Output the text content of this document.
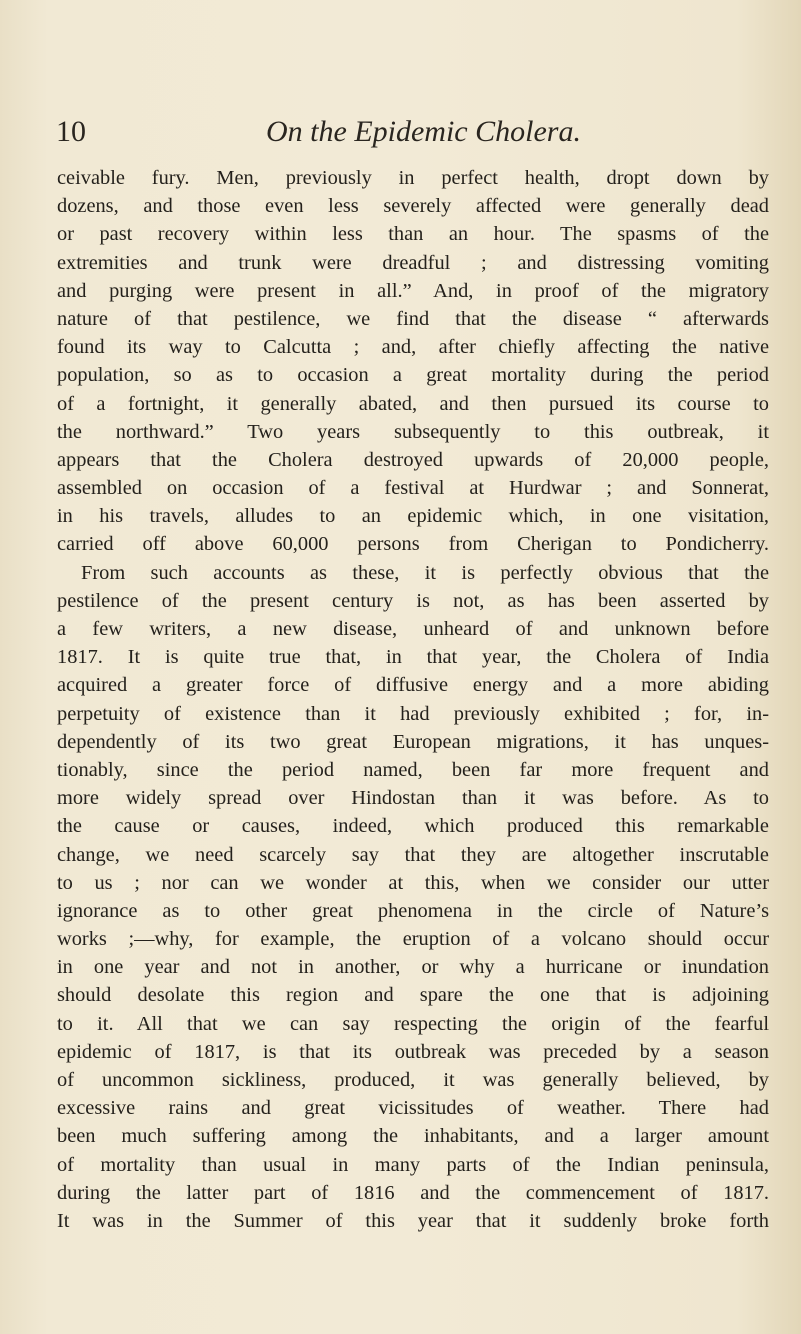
10	On the Epidemic Cholera.
ceivable fury. Men, previously in perfect health, dropt down by
dozens, and those even less severely affected were generally dead
or past recovery within less than an hour. The spasms of the
extremities and trunk were dreadful ; and distressing vomiting
and purging were present in all.” And, in proof of the migratory
nature of that pestilence, we find that the disease “ afterwards
found its way to Calcutta ; and, after chiefly affecting the native
population, so as to occasion a great mortality during the period
of a fortnight, it generally abated, and then pursued its course to
the northward.” Two years subsequently to this outbreak, it
appears that the Cholera destroyed upwards of 20,000 people,
assembled on occasion of a festival at Hurdwar ; and Sonnerat,
in his travels, alludes to an epidemic which, in one visitation,
carried off above 60,000 persons from Cherigan to Pondicherry.
From such accounts as these, it is perfectly obvious that the
pestilence of the present century is not, as has been asserted by
a few writers, a new disease, unheard of and unknown before
1817. It is quite true that, in that year, the Cholera of India
acquired a greater force of diffusive energy and a more abiding
perpetuity of existence than it had previously exhibited ; for, in-
dependently of its two great European migrations, it has unques-
tionably, since the period named, been far more frequent and
more widely spread over Hindostan than it was before. As to
the cause or causes, indeed, which produced this remarkable
change, we need scarcely say that they are altogether inscrutable
to us ; nor can we wonder at this, when we consider our utter
ignorance as to other great phenomena in the circle of Nature’s
works ;—why, for example, the eruption of a volcano should occur
in one year and not in another, or why a hurricane or inundation
should desolate this region and spare the one that is adjoining
to it. All that we can say respecting the origin of the fearful
epidemic of 1817, is that its outbreak was preceded by a season
of uncommon sickliness, produced, it was generally believed, by
excessive rains and great vicissitudes of weather. There had
been much suffering among the inhabitants, and a larger amount
of mortality than usual in many parts of the Indian peninsula,
during the latter part of 1816 and the commencement of 1817.
It was in the Summer of this year that it suddenly broke forth
